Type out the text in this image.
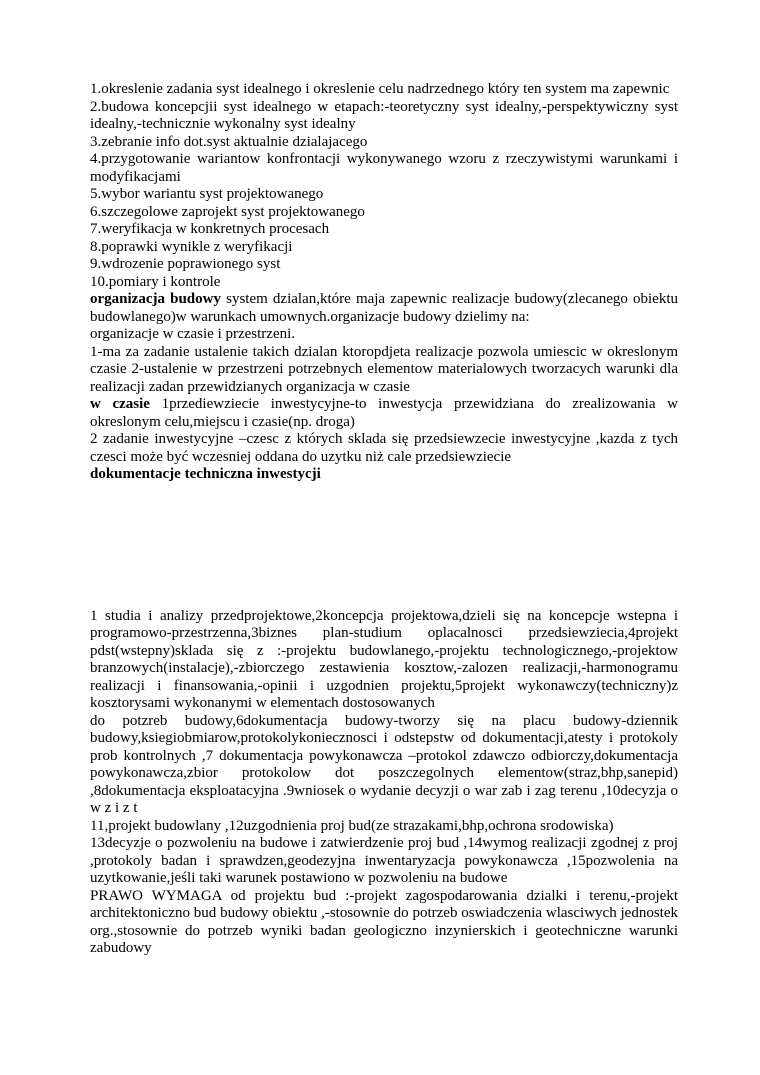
1.okreslenie zadania syst idealnego i okreslenie celu nadrzednego który ten system ma zapewnic

2.budowa koncepcjii syst idealnego w etapach:-teoretyczny syst idealny,-perspektywiczny syst idealny,-technicznie wykonalny syst idealny

3.zebranie info dot.syst aktualnie dzialajacego

4.przygotowanie wariantow konfrontacji wykonywanego wzoru z rzeczywistymi warunkami i modyfikacjami

5.wybor wariantu syst projektowanego

6.szczegolowe zaprojekt syst projektowanego

7.weryfikacja w konkretnych procesach

8.poprawki wynikle z weryfikacji

9.wdrozenie poprawionego syst

10.pomiary i kontrole

organizacja budowy system dzialan,które maja zapewnic realizacje budowy(zlecanego obiektu budowlanego)w warunkach umownych.organizacje budowy dzielimy na:

organizacje w czasie i przestrzeni.

1-ma za zadanie ustalenie takich dzialan ktoropdjeta realizacje pozwola umiescic w okreslonym czasie 2-ustalenie w przestrzeni potrzebnych elementow materialowych tworzacych warunki dla realizacji zadan przewidzianych organizacja w czasie

w czasie 1przediewziecie inwestycyjne-to inwestycja przewidziana do zrealizowania w okreslonym celu,miejscu i czasie(np. droga)

2 zadanie inwestycyjne –czesc z których sklada się przedsiewzecie inwestycyjne ,kazda z tych czesci może być wczesniej oddana do uzytku niż cale przedsiewziecie

dokumentacje techniczna inwestycji

1 studia i analizy przedprojektowe,2koncepcja projektowa,dzieli się na koncepcje wstepna i programowo-przestrzenna,3biznes plan-studium oplacalnosci przedsiewziecia,4projekt pdst(wstepny)sklada się z :-projektu budowlanego,-projektu technologicznego,-projektow branzowych(instalacje),-zbiorczego zestawienia kosztow,-zalozen realizacji,-harmonogramu realizacji i finansowania,-opinii i uzgodnien projektu,5projekt wykonawczy(techniczny)z kosztorysami wykonanymi w elementach dostosowanych

do potzreb budowy,6dokumentacja budowy-tworzy się na placu budowy-dziennik budowy,ksiegiobmiarow,protokolykoniecznosci i odstepstw od dokumentacji,atesty i protokoly prob kontrolnych ,7 dokumentacja powykonawcza –protokol zdawczo odbiorczy,dokumentacja powykonawcza,zbior protokolow dot poszczegolnych elementow(straz,bhp,sanepid) ,8dokumentacja eksploatacyjna .9wniosek o wydanie decyzji o war zab i zag terenu ,10decyzja o w z i z t

11,projekt budowlany ,12uzgodnienia proj bud(ze strazakami,bhp,ochrona srodowiska)

13decyzje o pozwoleniu na budowe i zatwierdzenie proj bud ,14wymog realizacji zgodnej z proj ,protokoly badan i sprawdzen,geodezyjna inwentaryzacja powykonawcza ,15pozwolenia na uzytkowanie,jeśli taki warunek postawiono w pozwoleniu na budowe

PRAWO WYMAGA od projektu bud :-projekt zagospodarowania dzialki i terenu,-projekt architektoniczno bud budowy obiektu ,-stosownie do potrzeb oswiadczenia wlasciwych jednostek org.,stosownie do potrzeb wyniki badan geologiczno inzynierskich i geotechniczne warunki zabudowy
